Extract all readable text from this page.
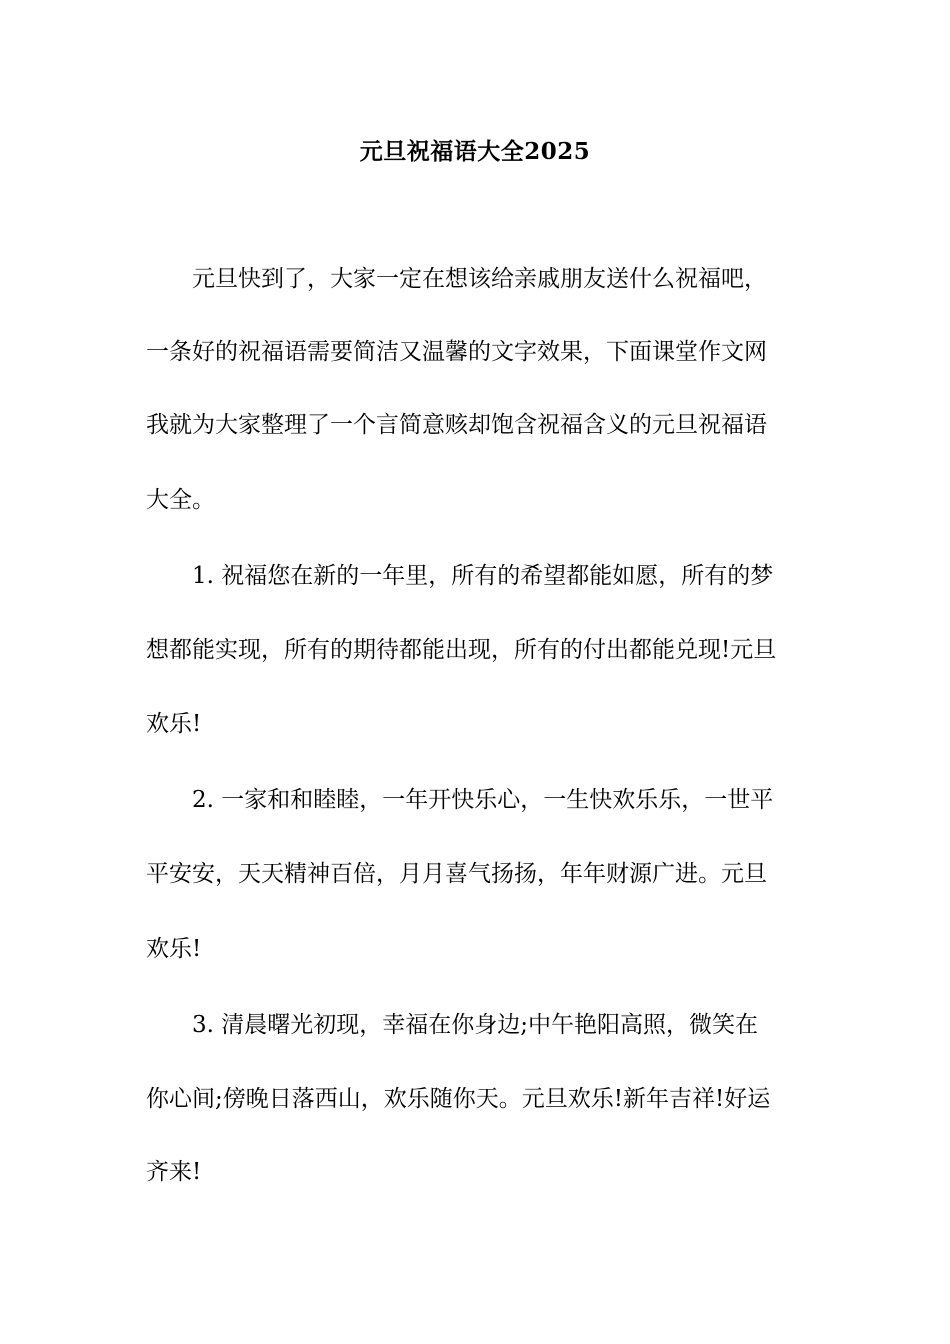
元旦祝福语大全2025
元旦快到了，大家一定在想该给亲戚朋友送什么祝福吧，
一条好的祝福语需要简洁又温馨的文字效果，下面课堂作文网
我就为大家整理了一个言简意赅却饱含祝福含义的元旦祝福语
大全。
1. 祝福您在新的一年里，所有的希望都能如愿，所有的梦
想都能实现，所有的期待都能出现，所有的付出都能兑现!元旦
欢乐!
2. 一家和和睦睦，一年开快乐心，一生快欢乐乐，一世平
平安安，天天精神百倍，月月喜气扬扬，年年财源广进。元旦
欢乐!
3. 清晨曙光初现，幸福在你身边;中午艳阳高照，微笑在
你心间;傍晚日落西山，欢乐随你天。元旦欢乐!新年吉祥!好运
齐来!
